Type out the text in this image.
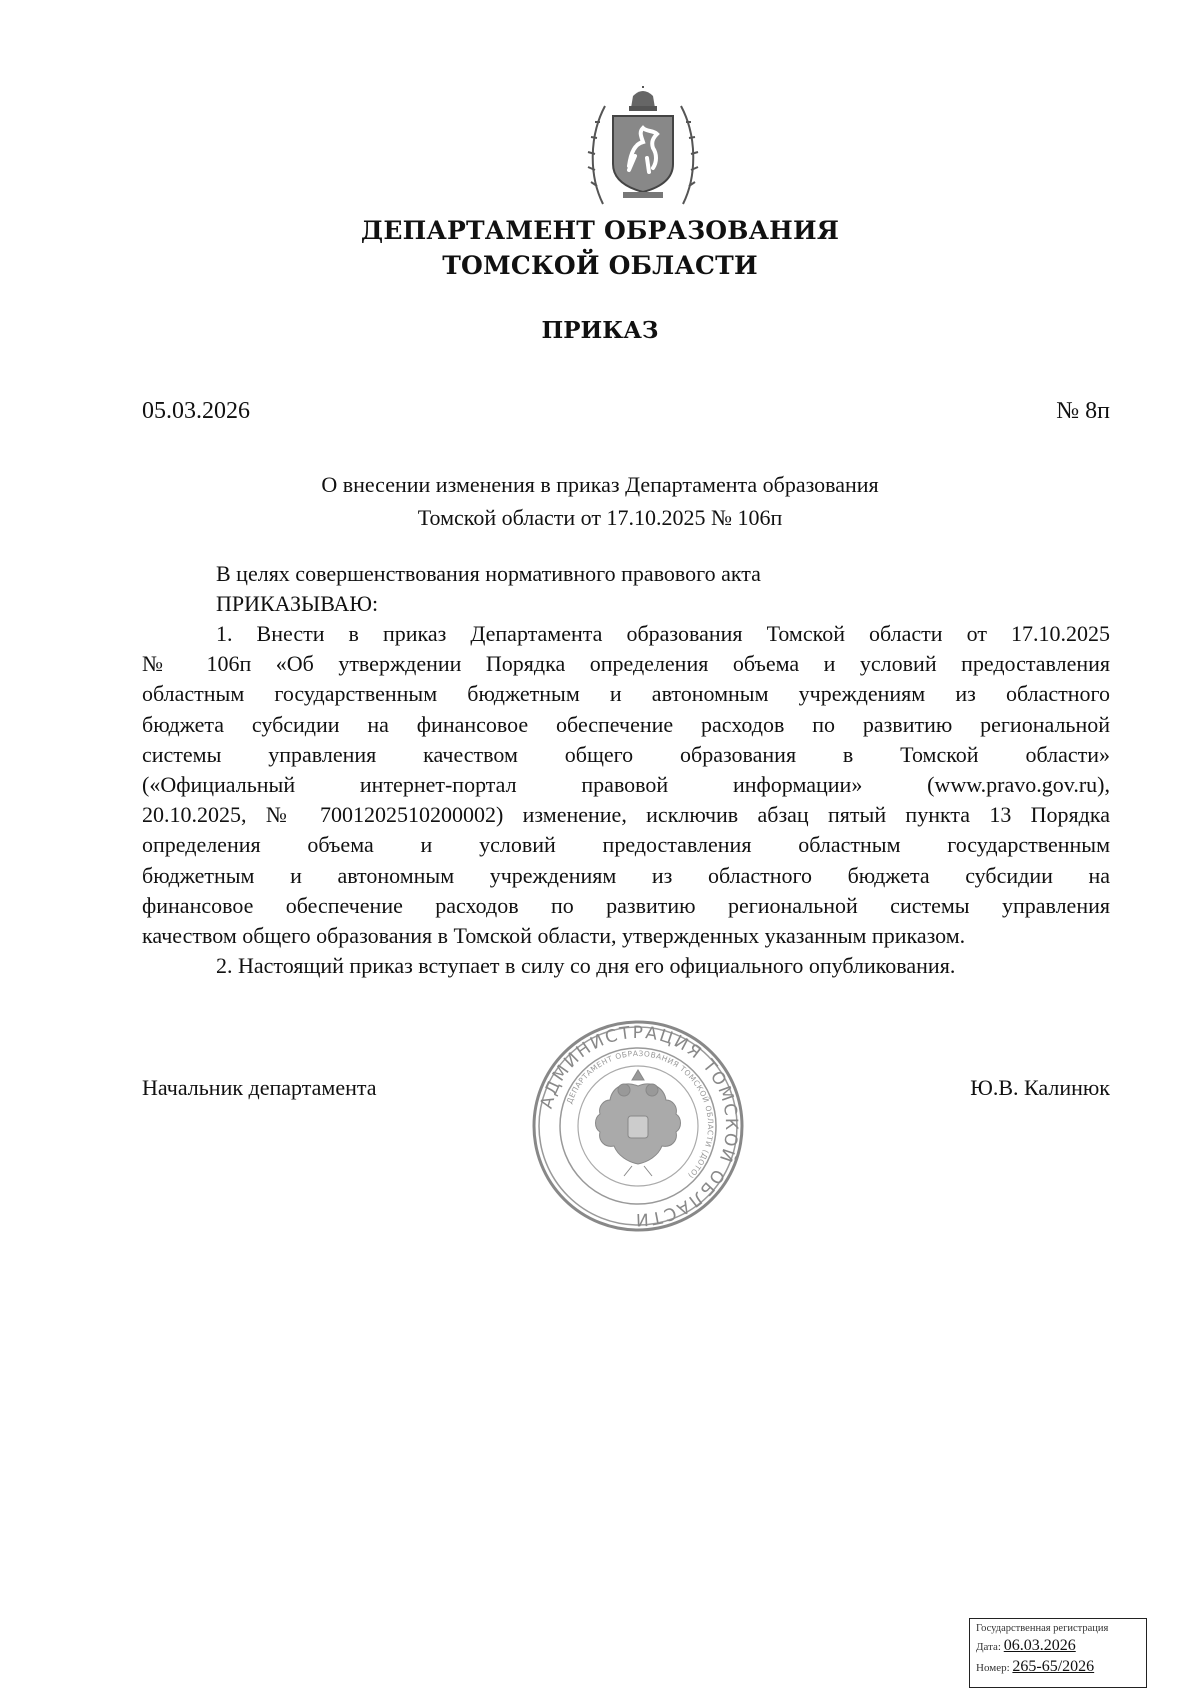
ДЕПАРТАМЕНТ ОБРАЗОВАНИЯ
ТОМСКОЙ ОБЛАСТИ
ПРИКАЗ
05.03.2026	№ 8п
О внесении изменения в приказ Департамента образования
Томской области от 17.10.2025 № 106п
В целях совершенствования нормативного правового акта
ПРИКАЗЫВАЮ:
1. Внести в приказ Департамента образования Томской области от 17.10.2025
№ 106п «Об утверждении Порядка определения объема и условий предоставления
областным государственным бюджетным и автономным учреждениям из областного
бюджета субсидии на финансовое обеспечение расходов по развитию региональной
системы управления качеством общего образования в Томской области»
(«Официальный интернет-портал правовой информации» (www.pravo.gov.ru),
20.10.2025, № 7001202510200002) изменение, исключив абзац пятый пункта 13 Порядка
определения объема и условий предоставления областным государственным
бюджетным и автономным учреждениям из областного бюджета субсидии на
финансовое обеспечение расходов по развитию региональной системы управления
качеством общего образования в Томской области, утвержденных указанным приказом.
2. Настоящий приказ вступает в силу со дня его официального опубликования.
Начальник департамента	Ю.В. Калинюк
АДМИНИСТРАЦИЯ ТОМСКОЙ ОБЛАСТИ
ДЕПАРТАМЕНТ ОБРАЗОВАНИЯ ТОМСКОЙ ОБЛАСТИ (ДОТО)
Государственная регистрация
Дата: 06.03.2026
Номер: 265-65/2026
